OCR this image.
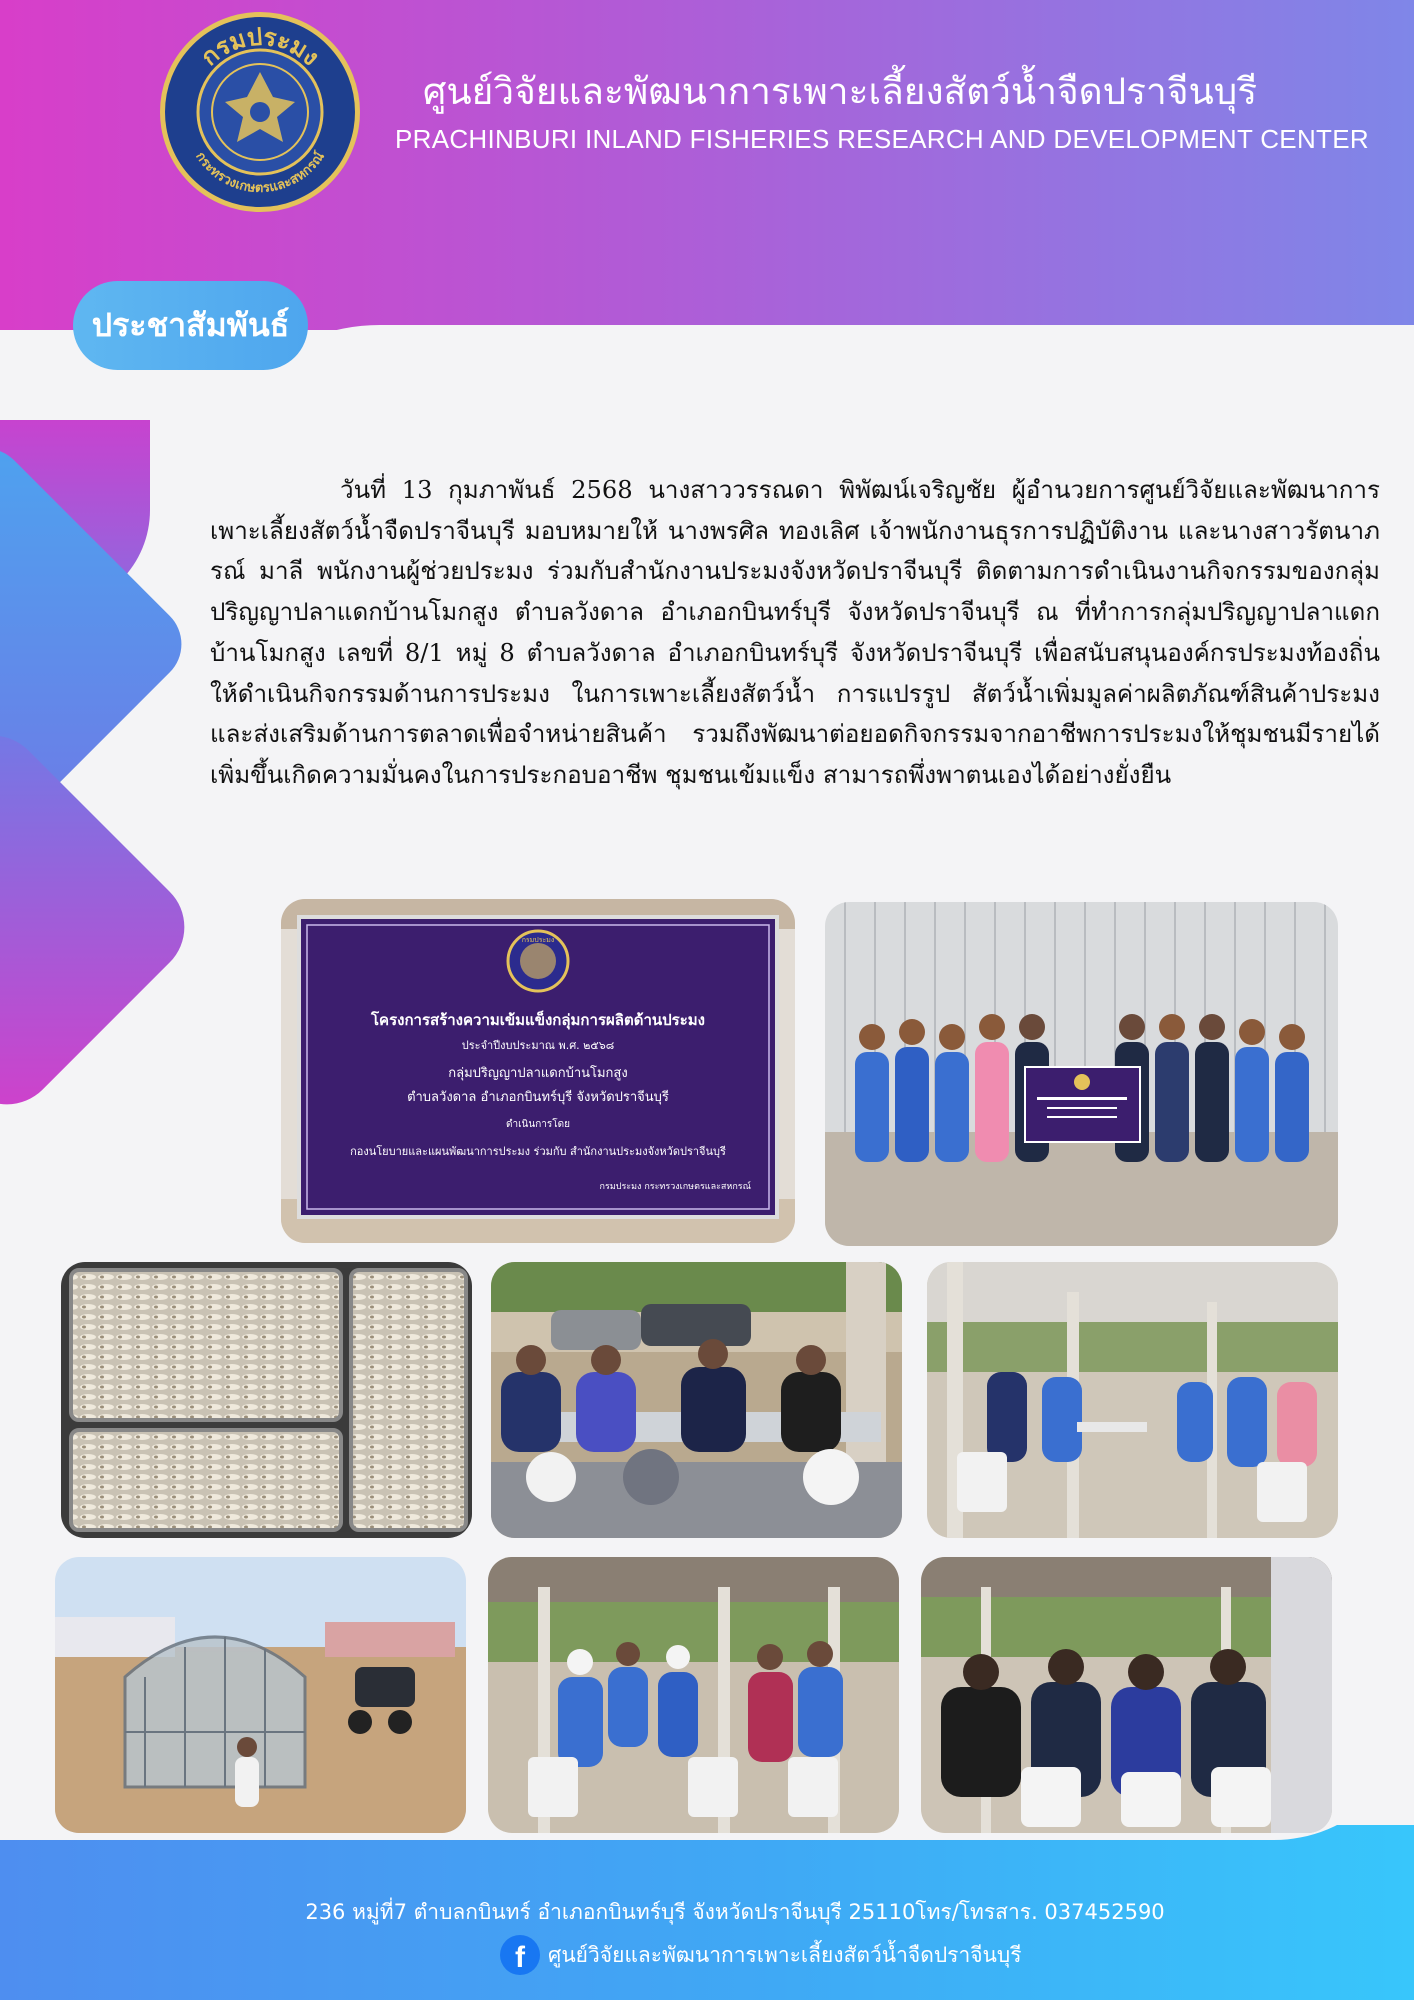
กรมประมง
กระทรวงเกษตรและสหกรณ์
ศูนย์วิจัยและพัฒนาการเพาะเลี้ยงสัตว์น้ำจืดปราจีนบุรี
PRACHINBURI INLAND FISHERIES RESEARCH AND DEVELOPMENT CENTER
ประชาสัมพันธ์
วันที่ 13 กุมภาพันธ์ 2568 นางสาววรรณดา พิพัฒน์เจริญชัย ผู้อำนวยการศูนย์วิจัยและพัฒนาการเพาะเลี้ยงสัตว์น้ำจืดปราจีนบุรี มอบหมายให้ นางพรศิล ทองเลิศ เจ้าพนักงานธุรการปฏิบัติงาน และนางสาวรัตนาภรณ์ มาลี พนักงานผู้ช่วยประมง ร่วมกับสำนักงานประมงจังหวัดปราจีนบุรี ติดตามการดำเนินงานกิจกรรมของกลุ่มปริญญาปลาแดกบ้านโมกสูง ตำบลวังดาล อำเภอกบินทร์บุรี จังหวัดปราจีนบุรี ณ ที่ทำการกลุ่มปริญญาปลาแดกบ้านโมกสูง เลขที่ 8/1 หมู่ 8 ตำบลวังดาล อำเภอกบินทร์บุรี จังหวัดปราจีนบุรี เพื่อสนับสนุนองค์กรประมงท้องถิ่น ให้ดำเนินกิจกรรมด้านการประมง ในการเพาะเลี้ยงสัตว์น้ำ การแปรรูป สัตว์น้ำเพิ่มมูลค่าผลิตภัณฑ์สินค้าประมง และส่งเสริมด้านการตลาดเพื่อจำหน่ายสินค้า รวมถึงพัฒนาต่อยอดกิจกรรมจากอาชีพการประมงให้ชุมชนมีรายได้เพิ่มขึ้นเกิดความมั่นคงในการประกอบอาชีพ ชุมชนเข้มแข็ง สามารถพึ่งพาตนเองได้อย่างยั่งยืน
กรมประมง
โครงการสร้างความเข้มแข็งกลุ่มการผลิตด้านประมง
ประจำปีงบประมาณ พ.ศ. ๒๕๖๘
กลุ่มปริญญาปลาแดกบ้านโมกสูง
ตำบลวังดาล อำเภอกบินทร์บุรี จังหวัดปราจีนบุรี
ดำเนินการโดย
กองนโยบายและแผนพัฒนาการประมง ร่วมกับ สำนักงานประมงจังหวัดปราจีนบุรี
กรมประมง กระทรวงเกษตรและสหกรณ์
236 หมู่ที่7 ตำบลกบินทร์ อำเภอกบินทร์บุรี จังหวัดปราจีนบุรี 25110โทร/โทรสาร. 037452590
f	ศูนย์วิจัยและพัฒนาการเพาะเลี้ยงสัตว์น้ำจืดปราจีนบุรี
